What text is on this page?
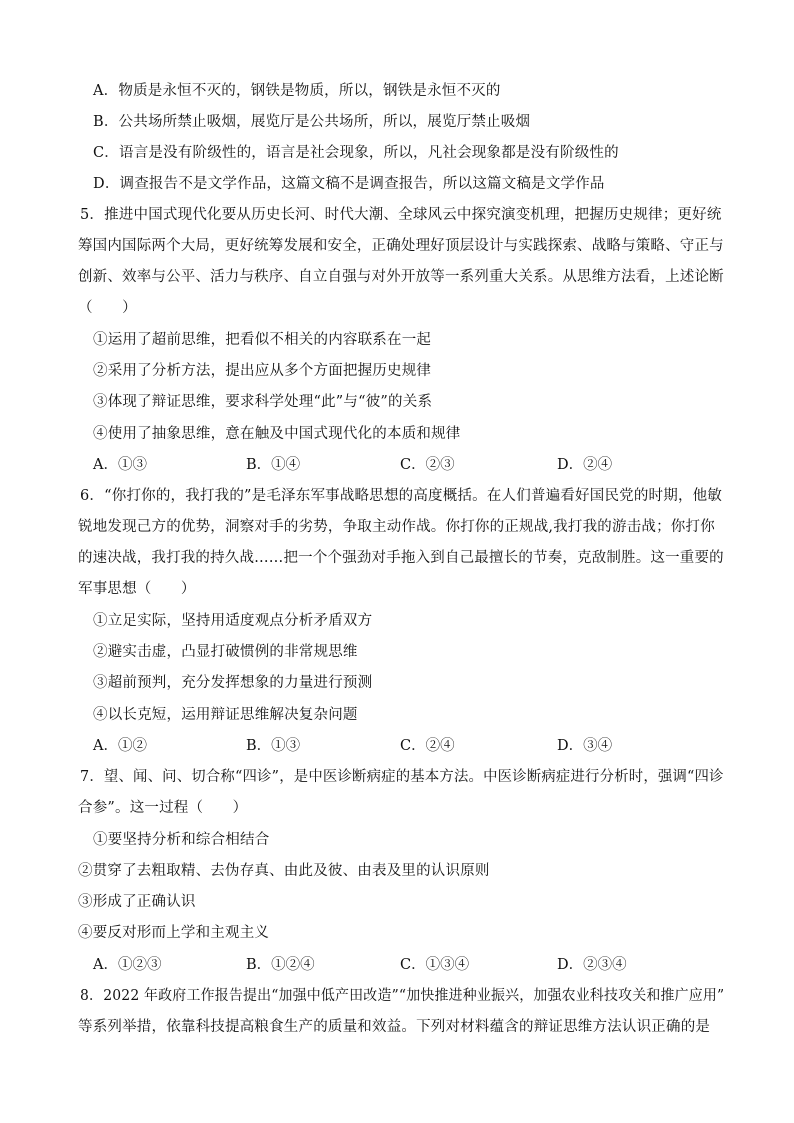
A．物质是永恒不灭的，钢铁是物质，所以，钢铁是永恒不灭的
B．公共场所禁止吸烟，展览厅是公共场所，所以，展览厅禁止吸烟
C．语言是没有阶级性的，语言是社会现象，所以，凡社会现象都是没有阶级性的
D．调查报告不是文学作品，这篇文稿不是调查报告，所以这篇文稿是文学作品
5．推进中国式现代化要从历史长河、时代大潮、全球风云中探究演变机理，把握历史规律；更好统
筹国内国际两个大局，更好统筹发展和安全，正确处理好顶层设计与实践探索、战略与策略、守正与
创新、效率与公平、活力与秩序、自立自强与对外开放等一系列重大关系。从思维方法看，上述论断
（　　）
①运用了超前思维，把看似不相关的内容联系在一起
②采用了分析方法，提出应从多个方面把握历史规律
③体现了辩证思维，要求科学处理“此”与“彼”的关系
④使用了抽象思维，意在触及中国式现代化的本质和规律
A．①③	B．①④	C．②③	D．②④
6．“你打你的，我打我的”是毛泽东军事战略思想的高度概括。在人们普遍看好国民党的时期，他敏
锐地发现己方的优势，洞察对手的劣势，争取主动作战。你打你的正规战,我打我的游击战；你打你
的速决战，我打我的持久战……把一个个强劲对手拖入到自己最擅长的节奏，克敌制胜。这一重要的
军事思想（　　）
①立足实际，坚持用适度观点分析矛盾双方
②避实击虚，凸显打破惯例的非常规思维
③超前预判，充分发挥想象的力量进行预测
④以长克短，运用辩证思维解决复杂问题
A．①②	B．①③	C．②④	D．③④
7．望、闻、问、切合称“四诊”，是中医诊断病症的基本方法。中医诊断病症进行分析时，强调“四诊
合参”。这一过程（　　）
①要坚持分析和综合相结合
②贯穿了去粗取精、去伪存真、由此及彼、由表及里的认识原则
③形成了正确认识
④要反对形而上学和主观主义
A．①②③	B．①②④	C．①③④	D．②③④
8．2022 年政府工作报告提出“加强中低产田改造”“加快推进种业振兴，加强农业科技攻关和推广应用”
等系列举措，依靠科技提高粮食生产的质量和效益。下列对材料蕴含的辩证思维方法认识正确的是
